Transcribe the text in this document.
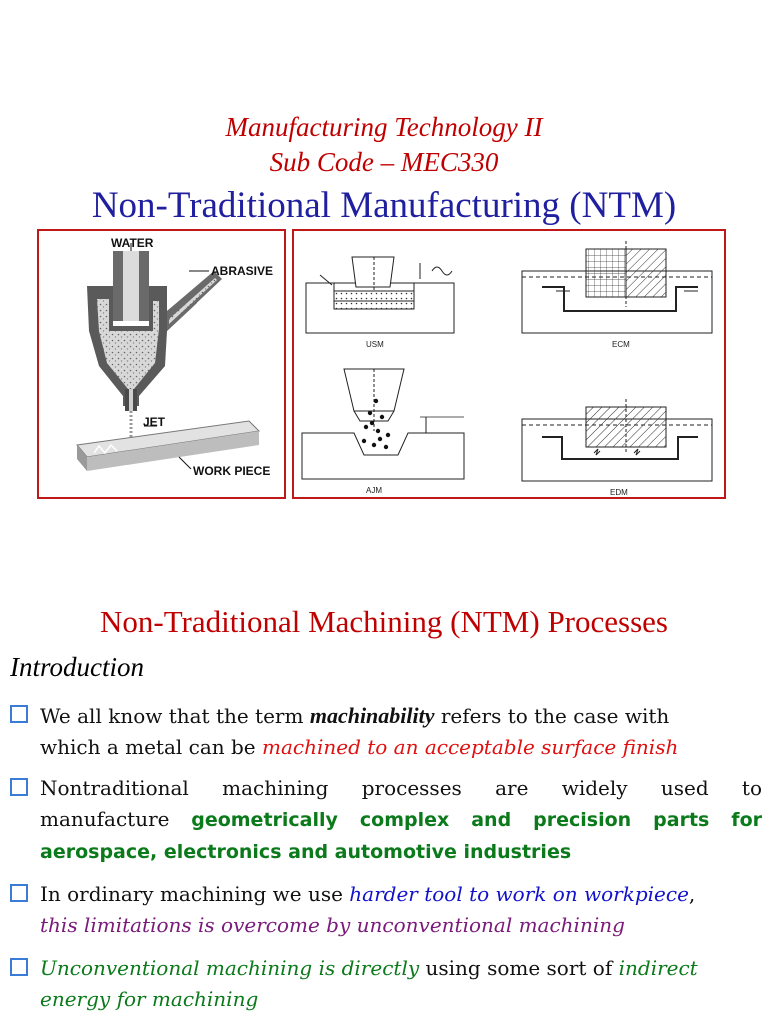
Manufacturing Technology II
Sub Code – MEC330
Non-Traditional Manufacturing (NTM)
WATER
ABRASIVE
JET
WORK PIECE
USM	ECM
AJM	EDM
Non-Traditional Machining (NTM) Processes
Introduction
We all know that the term machinability refers to the case with
which a metal can be machined to an acceptable surface finish
Nontraditional machining processes are widely used to
manufacture geometrically complex and precision parts for
aerospace, electronics and automotive industries
In ordinary machining we use harder tool to work on workpiece,
this limitations is overcome by unconventional machining
Unconventional machining is directly using some sort of indirect
energy for machining
